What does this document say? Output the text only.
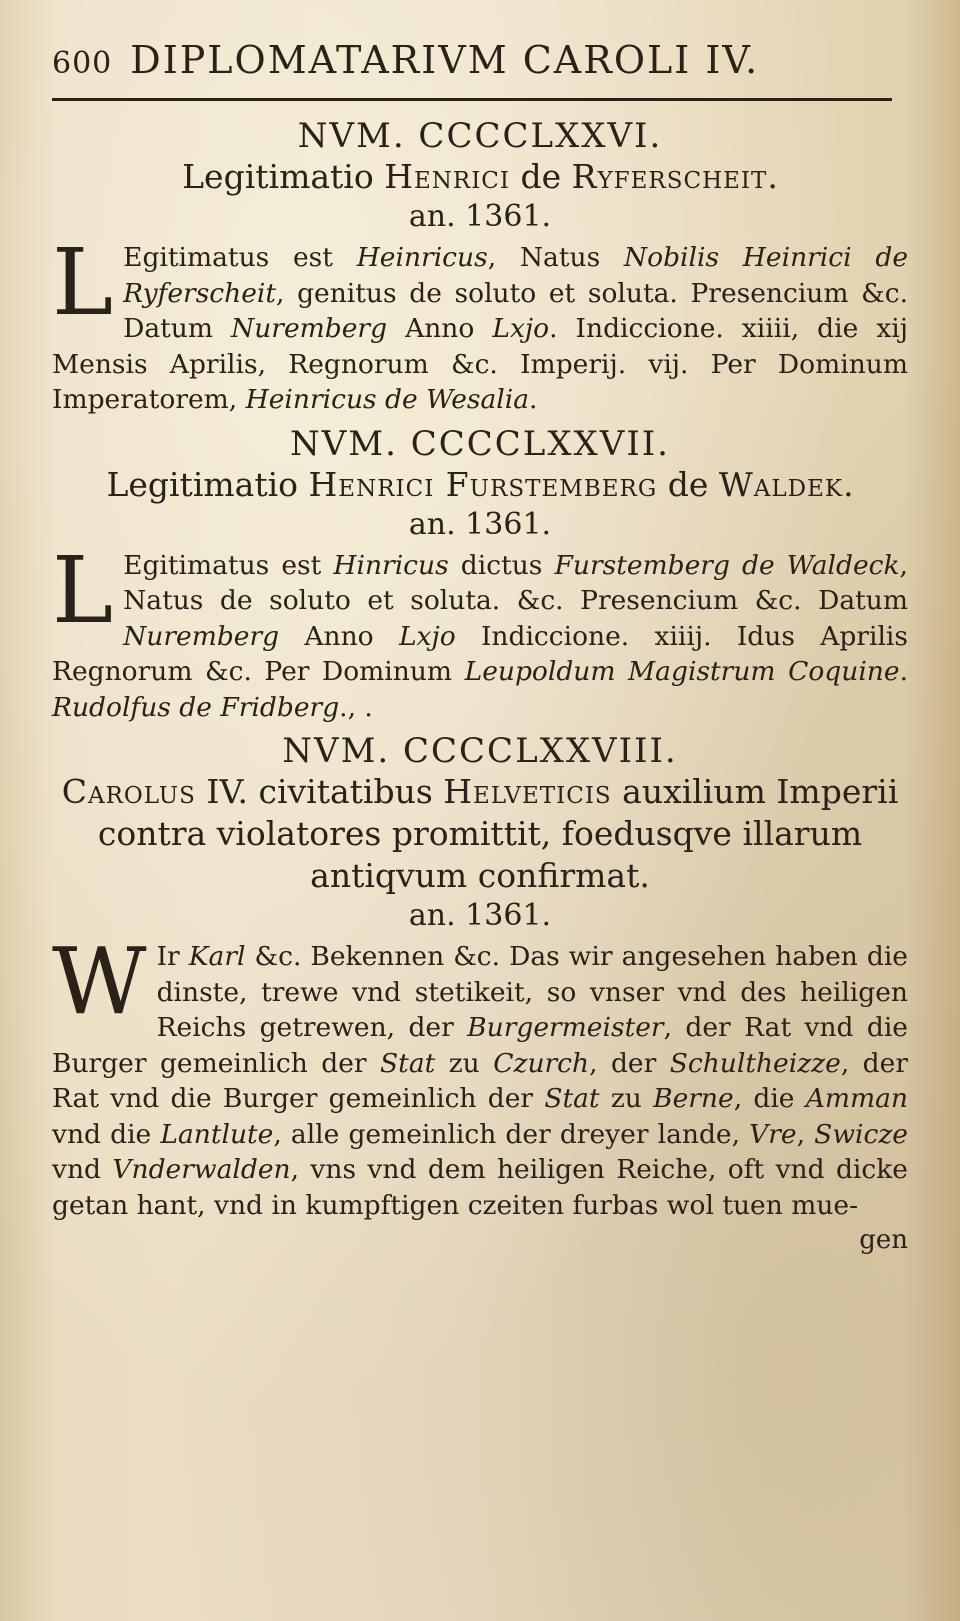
600 DIPLOMATARIVM CAROLI IV.
NVM. CCCCLXXVI.
Legitimatio Henrici de Ryferscheit.
an. 1361.
L Egitimatus est Heinricus, Natus Nobilis Heinrici de Ryferscheit, genitus de soluto et soluta. Presencium &c. Datum Nuremberg Anno Lxjo. Indiccione. xiiii, die xij Mensis Aprilis, Regnorum &c. Imperij. vij. Per Dominum Imperatorem, Heinricus de Wesalia.
NVM. CCCCLXXVII.
Legitimatio Henrici Furstemberg de Waldek.
an. 1361.
L Egitimatus est Hinricus dictus Furstemberg de Waldeck, Natus de soluto et soluta. &c. Presencium &c. Datum Nuremberg Anno Lxjo Indiccione. xiiij. Idus Aprilis Regnorum &c. Per Dominum Leupoldum Magistrum Coquine. Rudolfus de Fridberg., .
NVM. CCCCLXXVIII.
Carolus IV. civitatibus Helveticis auxilium Imperii contra violatores promittit, foedusqve illarum antiqvum confirmat.
an. 1361.
W Ir Karl &c. Bekennen &c. Das wir angesehen haben die dinste, trewe vnd stetikeit, so vnser vnd des heiligen Reichs getrewen, der Burgermeister, der Rat vnd die Burger gemeinlich der Stat zu Czurch, der Schultheizze, der Rat vnd die Burger gemeinlich der Stat zu Berne, die Amman vnd die Lantlute, alle gemeinlich der dreyer lande, Vre, Swicze vnd Vnderwalden, vns vnd dem heiligen Reiche, oft vnd dicke getan hant, vnd in kumpftigen czeiten furbas wol tuen mue-
gen
